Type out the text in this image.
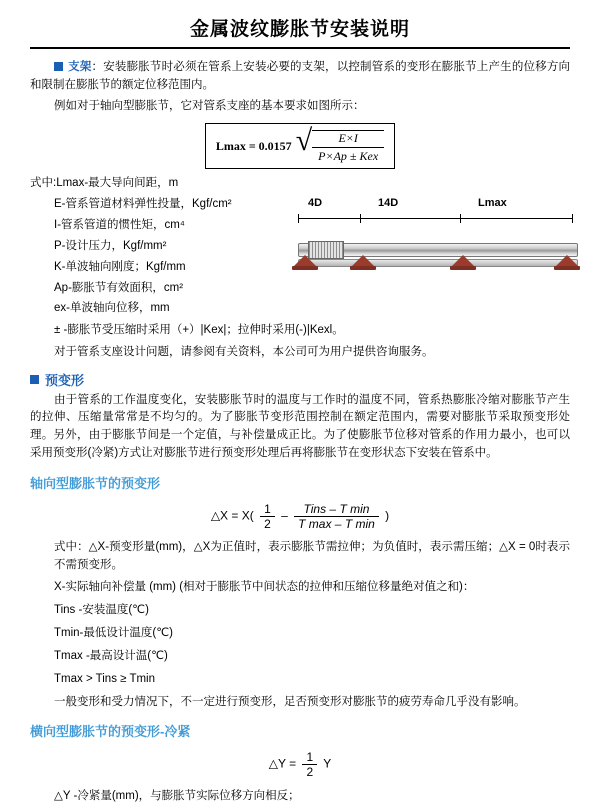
金属波纹膨胀节安装说明

支架：安装膨胀节时必须在管系上安装必要的支架，以控制管系的变形在膨胀节上产生的位移方向和限制在膨胀节的额定位移范围内。

例如对于轴向型膨胀节，它对管系支座的基本要求如图所示：

Lmax = 0.0157 √ $\frac{E\times I}{\text{P×Ap ± Kex}}$

式中:Lmax-最大导向间距，m

E-管系管道材料弹性投量，Kgf/cm²

I-管系管道的惯性矩，cm⁴

P-设计压力，Kgf/mm²

K-单波轴向刚度；Kgf/mm

Ap-膨胀节有效面积，cm²

ex-单波轴向位移，mm

4D	14D	Lmax

± -膨胀节受压缩时采用（+）|Kex|；拉伸时采用(-)|Kexl。

对于管系支座设计问题，请参阅有关资料，本公司可为用户提供咨询服务。

预变形

由于管系的工作温度变化，安装膨胀节时的温度与工作时的温度不同，管系热膨胀冷缩对膨胀节产生的拉伸、压缩量常常是不均匀的。为了膨胀节变形范围控制在额定范围内，需要对膨胀节采取预变形处理。另外，由于膨胀节间是一个定值，与补偿量成正比。为了使膨胀节位移对管系的作用力最小，也可以采用预变形(冷紧)方式让对膨胀节进行预变形处理后再将膨胀节在变形状态下安装在管系中。

轴向型膨胀节的预变形
△X = $X( \frac{1}{2}$ –	Tins – T min
T max – T min
)

式中：△X-预变形量(mm)，△X为正值时，表示膨胀节需拉伸；为负值时，表示需压缩；△X = 0时表示不需预变形。

X-实际轴向补偿量 (mm) (相对于膨胀节中间状态的拉伸和压缩位移量绝对值之和)：

Tins -安装温度(℃)

Tmin-最低设计温度(℃)

Tmax -最高设计温(℃)

Tmax > Tins ≥ Tmin

一般变形和受力情况下，不一定进行预变形，足否预变形对膨胀节的疲劳寿命几乎没有影响。

横向型膨胀节的预变形-冷紧
△Y = $\frac{1}{2}$ Y

△Y -冷紧量(mm)，与膨胀节实际位移方向相反；
